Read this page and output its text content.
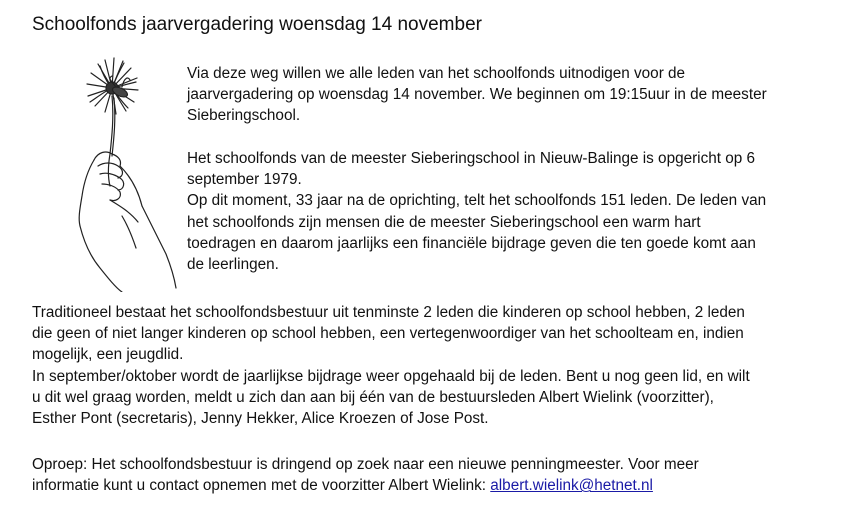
Schoolfonds jaarvergadering woensdag 14 november

Via deze weg willen we alle leden van het schoolfonds uitnodigen voor de

jaarvergadering op woensdag 14 november. We beginnen om 19:15uur in de meester

Sieberingschool.

Het schoolfonds van de meester Sieberingschool in Nieuw-Balinge is opgericht op 6

september 1979.

Op dit moment, 33 jaar na de oprichting, telt het schoolfonds 151 leden. De leden van

het schoolfonds zijn mensen die de meester Sieberingschool een warm hart

toedragen en daarom jaarlijks een financiële bijdrage geven die ten goede komt aan

de leerlingen.

Traditioneel bestaat het schoolfondsbestuur uit tenminste 2 leden die kinderen op school hebben, 2 leden

die geen of niet langer kinderen op school hebben, een vertegenwoordiger van het schoolteam en, indien

mogelijk, een jeugdlid.

In september/oktober wordt de jaarlijkse bijdrage weer opgehaald bij de leden. Bent u nog geen lid, en wilt

u dit wel graag worden, meldt u zich dan aan bij één van de bestuursleden Albert Wielink (voorzitter),

Esther Pont (secretaris), Jenny Hekker, Alice Kroezen of Jose Post.

Oproep: Het schoolfondsbestuur is dringend op zoek naar een nieuwe penningmeester. Voor meer

informatie kunt u contact opnemen met de voorzitter Albert Wielink: albert.wielink@hetnet.nl
